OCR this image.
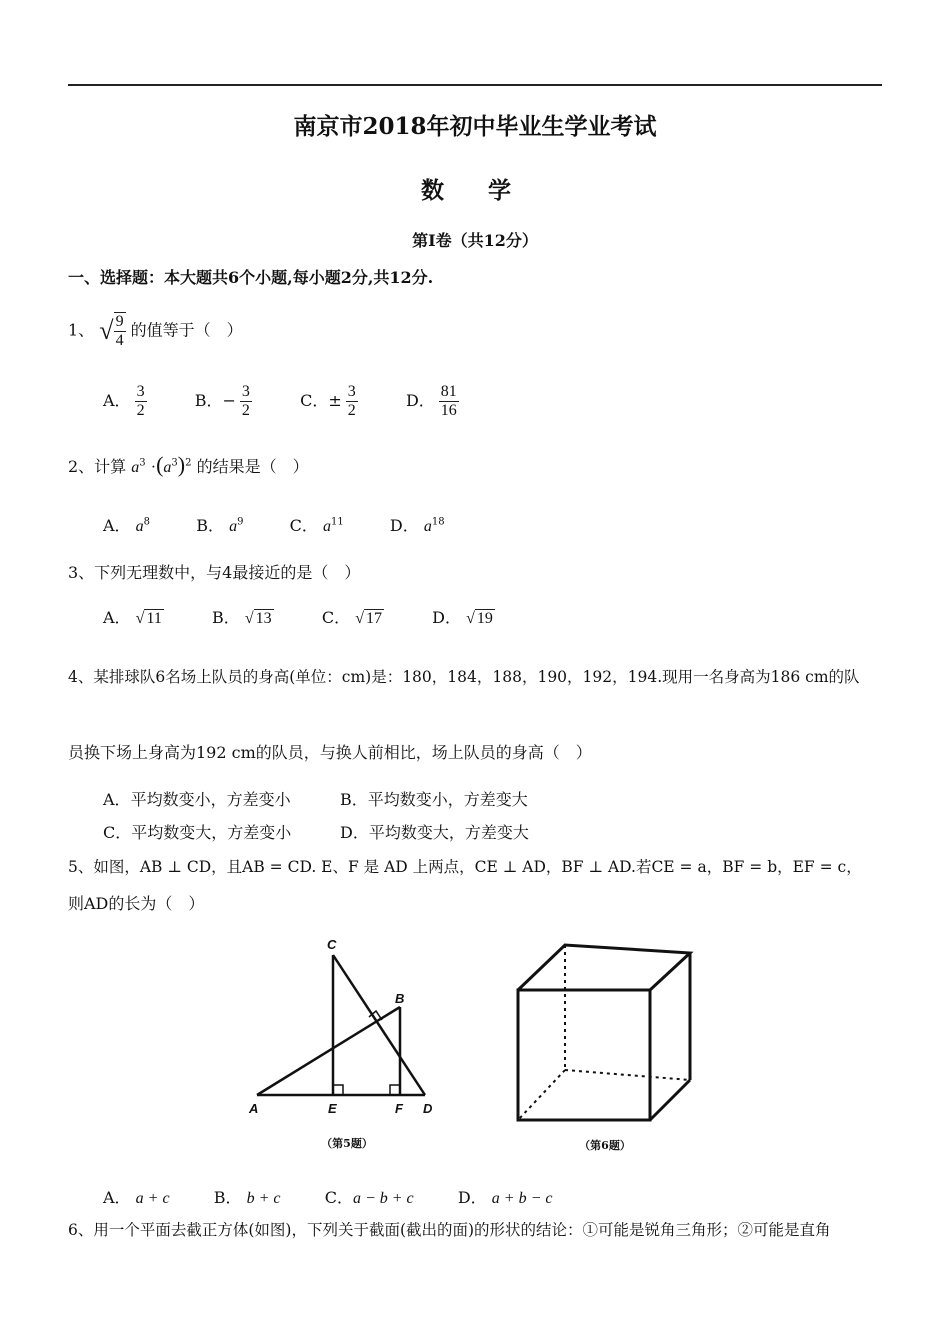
南京市2018年初中毕业生学业考试
数 学
第Ⅰ卷（共12分）
一、选择题：本大题共6个小题,每小题2分,共12分.
1、 √ $\frac{9}{4}$ 的值等于（　）
A． $\frac{3}{2}$	B．− $\frac{3}{2}$	C．± $\frac{3}{2}$	D． $\frac{81}{16}$
2、计算 $a^3 \cdot(a^3)^2$ 的结果是（　）
A． $a^8$	B． $a^9$	C． $a^{11}$	D． $a^{18}$
3、下列无理数中，与4最接近的是（　）
A． √ 11	B． √ 13	C． √ 17	D． √ 19
4、某排球队6名场上队员的身高(单位：cm)是：180，184，188，190，192，194.现用一名身高为186 cm的队
员换下场上身高为192 cm的队员，与换人前相比，场上队员的身高（　）
A．平均数变小，方差变小	B．平均数变小，方差变大
C．平均数变大，方差变小	D．平均数变大，方差变大
5、如图，AB ⊥ CD，且AB = CD. E、F 是 AD 上两点，CE ⊥ AD，BF ⊥ AD.若CE = a，BF = b，EF = c，
则AD的长为（　）
A	E	F D
B
C
（第5题）	（第6题）
A． a + c	B． b + c	C．a − b + c	D． a + b − c
6、用一个平面去截正方体(如图)，下列关于截面(截出的面)的形状的结论：①可能是锐角三角形；②可能是直角
